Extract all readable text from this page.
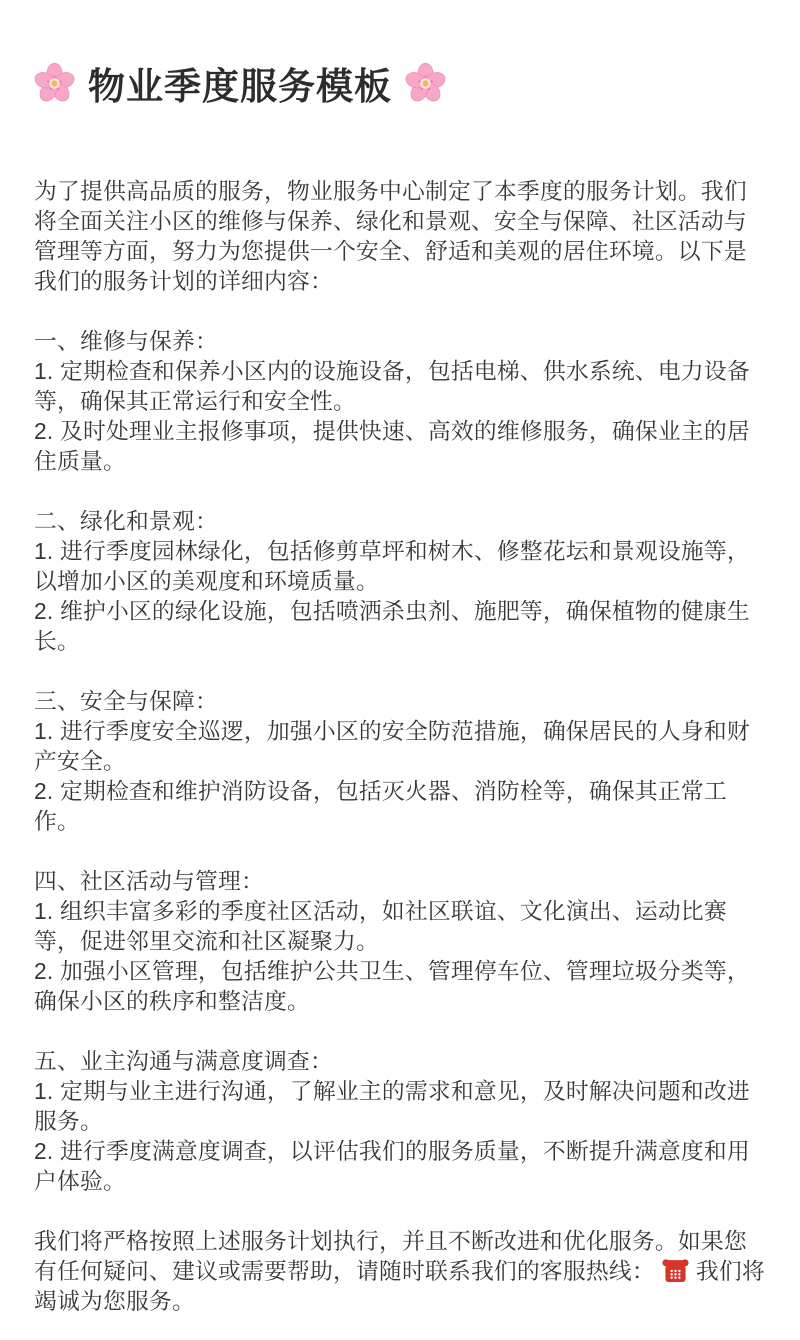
物业季度服务模板

为了提供高品质的服务，物业服务中心制定了本季度的服务计划。我们将全面关注小区的维修与保养、绿化和景观、安全与保障、社区活动与管理等方面，努力为您提供一个安全、舒适和美观的居住环境。以下是我们的服务计划的详细内容：

一、维修与保养：
1. 定期检查和保养小区内的设施设备，包括电梯、供水系统、电力设备等，确保其正常运行和安全性。
2. 及时处理业主报修事项，提供快速、高效的维修服务，确保业主的居住质量。
二、绿化和景观：
1. 进行季度园林绿化，包括修剪草坪和树木、修整花坛和景观设施等，以增加小区的美观度和环境质量。
2. 维护小区的绿化设施，包括喷洒杀虫剂、施肥等，确保植物的健康生长。
三、安全与保障：
1. 进行季度安全巡逻，加强小区的安全防范措施，确保居民的人身和财产安全。
2. 定期检查和维护消防设备，包括灭火器、消防栓等，确保其正常工作。
四、社区活动与管理：
1. 组织丰富多彩的季度社区活动，如社区联谊、文化演出、运动比赛等，促进邻里交流和社区凝聚力。
2. 加强小区管理，包括维护公共卫生、管理停车位、管理垃圾分类等，确保小区的秩序和整洁度。
五、业主沟通与满意度调查：
1. 定期与业主进行沟通，了解业主的需求和意见，及时解决问题和改进服务。
2. 进行季度满意度调查，以评估我们的服务质量，不断提升满意度和用户体验。

我们将严格按照上述服务计划执行，并且不断改进和优化服务。如果您有任何疑问、建议或需要帮助，请随时联系我们的客服热线： 我们将竭诚为您服务。
